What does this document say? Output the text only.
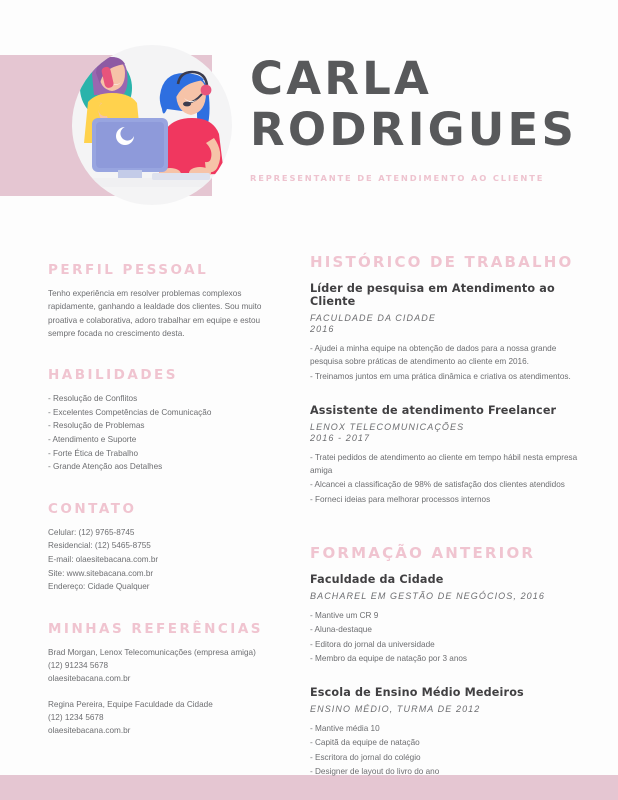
CARLA
RODRIGUES
REPRESENTANTE DE ATENDIMENTO AO CLIENTE
PERFIL PESSOAL

Tenho experiência em resolver problemas complexos rapidamente, ganhando a lealdade dos clientes. Sou muito proativa e colaborativa, adoro trabalhar em equipe e estou sempre focada no crescimento desta.

HABILIDADES
- Resolução de Conflitos
- Excelentes Competências de Comunicação
- Resolução de Problemas
- Atendimento e Suporte
- Forte Ética de Trabalho
- Grande Atenção aos Detalhes
CONTATO
Celular: (12) 9765-8745
Residencial: (12) 5465-8755
E-mail: olaesitebacana.com.br
Site: www.sitebacana.com.br
Endereço: Cidade Qualquer
MINHAS REFERÊNCIAS
Brad Morgan, Lenox Telecomunicações (empresa amiga)
(12) 91234 5678
olaesitebacana.com.br
Regina Pereira, Equipe Faculdade da Cidade
(12) 1234 5678
olaesitebacana.com.br
HISTÓRICO DE TRABALHO
Líder de pesquisa em Atendimento ao Cliente
FACULDADE DA CIDADE
2016
- Ajudei a minha equipe na obtenção de dados para a nossa grande pesquisa sobre práticas de atendimento ao cliente em 2016.
- Treinamos juntos em uma prática dinâmica e criativa os atendimentos.
Assistente de atendimento Freelancer
LENOX TELECOMUNICAÇÕES
2016 - 2017
- Tratei pedidos de atendimento ao cliente em tempo hábil nesta empresa amiga
- Alcancei a classificação de 98% de satisfação dos clientes atendidos
- Forneci ideias para melhorar processos internos
FORMAÇÃO ANTERIOR
Faculdade da Cidade
BACHAREL EM GESTÃO DE NEGÓCIOS, 2016
- Mantive um CR 9
- Aluna-destaque
- Editora do jornal da universidade
- Membro da equipe de natação por 3 anos
Escola de Ensino Médio Medeiros
ENSINO MÉDIO, TURMA DE 2012
- Mantive média 10
- Capitã da equipe de natação
- Escritora do jornal do colégio
- Designer de layout do livro do ano
